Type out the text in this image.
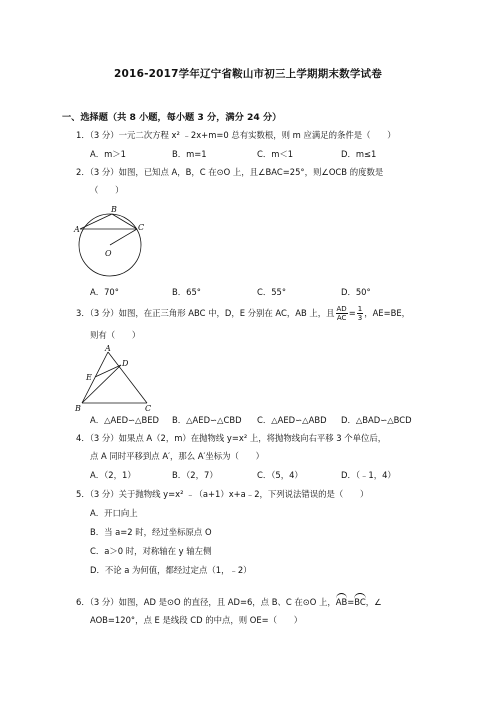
2016-2017学年辽宁省鞍山市初三上学期期末数学试卷
一、选择题（共 8 小题，每小题 3 分，满分 24 分）
1．（3 分）一元二次方程 x² ﹣2x+m=0 总有实数根，则 m 应满足的条件是（　　）
A．m＞1	B．m=1	C．m＜1	D．m≤1
2．（3 分）如图，已知点 A，B，C 在⊙O 上，且∠BAC=25°，则∠OCB 的度数是
（　　）
A
B
C
O
A．70°	B．65°	C．55°	D．50°
3．（3 分）如图，在正三角形 ABC 中，D，E 分别在 AC，AB 上，且 $\frac{AD}{AC} = \frac{1}{3}$ ，AE=BE，
则有（　　）
A
D
E
B	C
A．△AED∽△BED B．△AED∽△CBD C．△AED∽△ABD D．△BAD∽△BCD
4．（3 分）如果点 A（2，m）在抛物线 y=x² 上，将抛物线向右平移 3 个单位后，
点 A 同时平移到点 A′，那么 A′坐标为（　　）
A．（2，1）	B．（2，7）	C．（5，4）	D．（﹣1，4）
5．（3 分）关于抛物线 y=x² ﹣（a+1）x+a﹣2，下列说法错误的是（　　）
A．开口向上
B．当 a=2 时，经过坐标原点 O
C．a＞0 时，对称轴在 y 轴左侧
D．不论 a 为何值，都经过定点（1，﹣2）
6．（3 分）如图，AD 是⊙O 的直径，且 AD=6，点 B、C 在⊙O 上，AB=BC，∠
AOB=120°，点 E 是线段 CD 的中点，则 OE=（　　）
